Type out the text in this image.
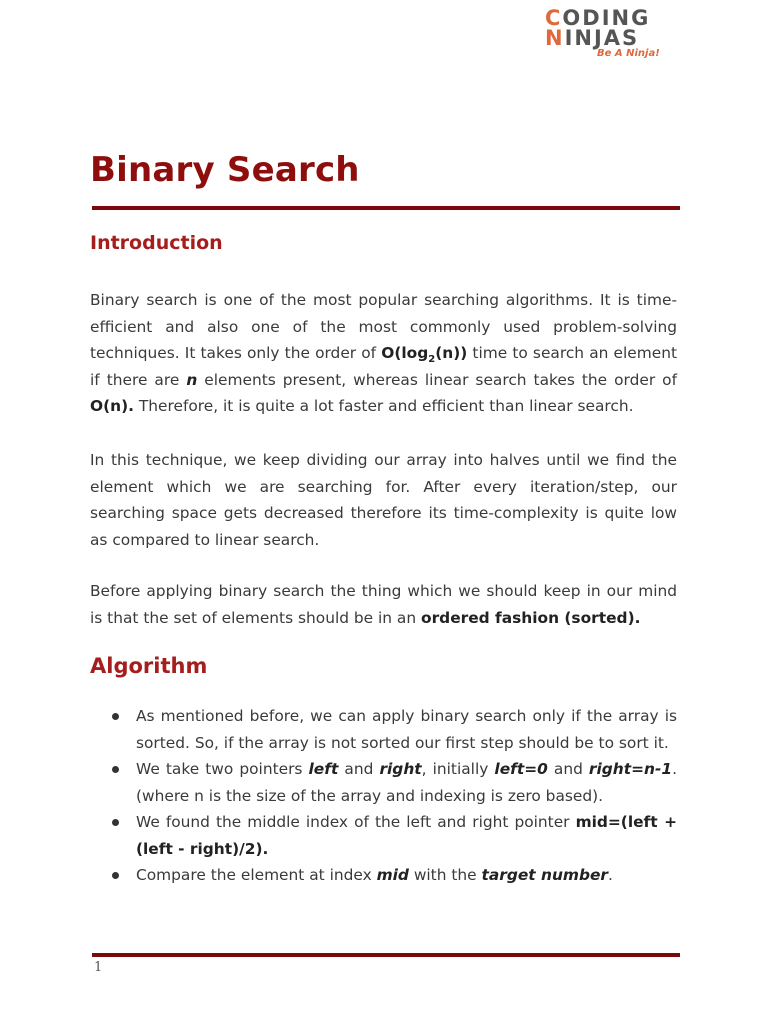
CODING
NINJAS
Be A Ninja!
Binary Search
Introduction

Binary search is one of the most popular searching algorithms. It is time-efficient and also one of the most commonly used problem-solving techniques. It takes only the order of $O(\log_2(n))$ time to search an element if there are n elements present, whereas linear search takes the order of O(n). Therefore, it is quite a lot faster and efficient than linear search.

In this technique, we keep dividing our array into halves until we find the element which we are searching for. After every iteration/step, our searching space gets decreased therefore its time-complexity is quite low as compared to linear search.

Before applying binary search the thing which we should keep in our mind is that the set of elements should be in an ordered fashion (sorted).

Algorithm
As mentioned before, we can apply binary search only if the array is sorted. So, if the array is not sorted our first step should be to sort it.
We take two pointers left and right, initially left=0 and right=n-1.(where n is the size of the array and indexing is zero based).
We found the middle index of the left and right pointer mid=(left + (left - right)/2).
Compare the element at index mid with the target number.
1
